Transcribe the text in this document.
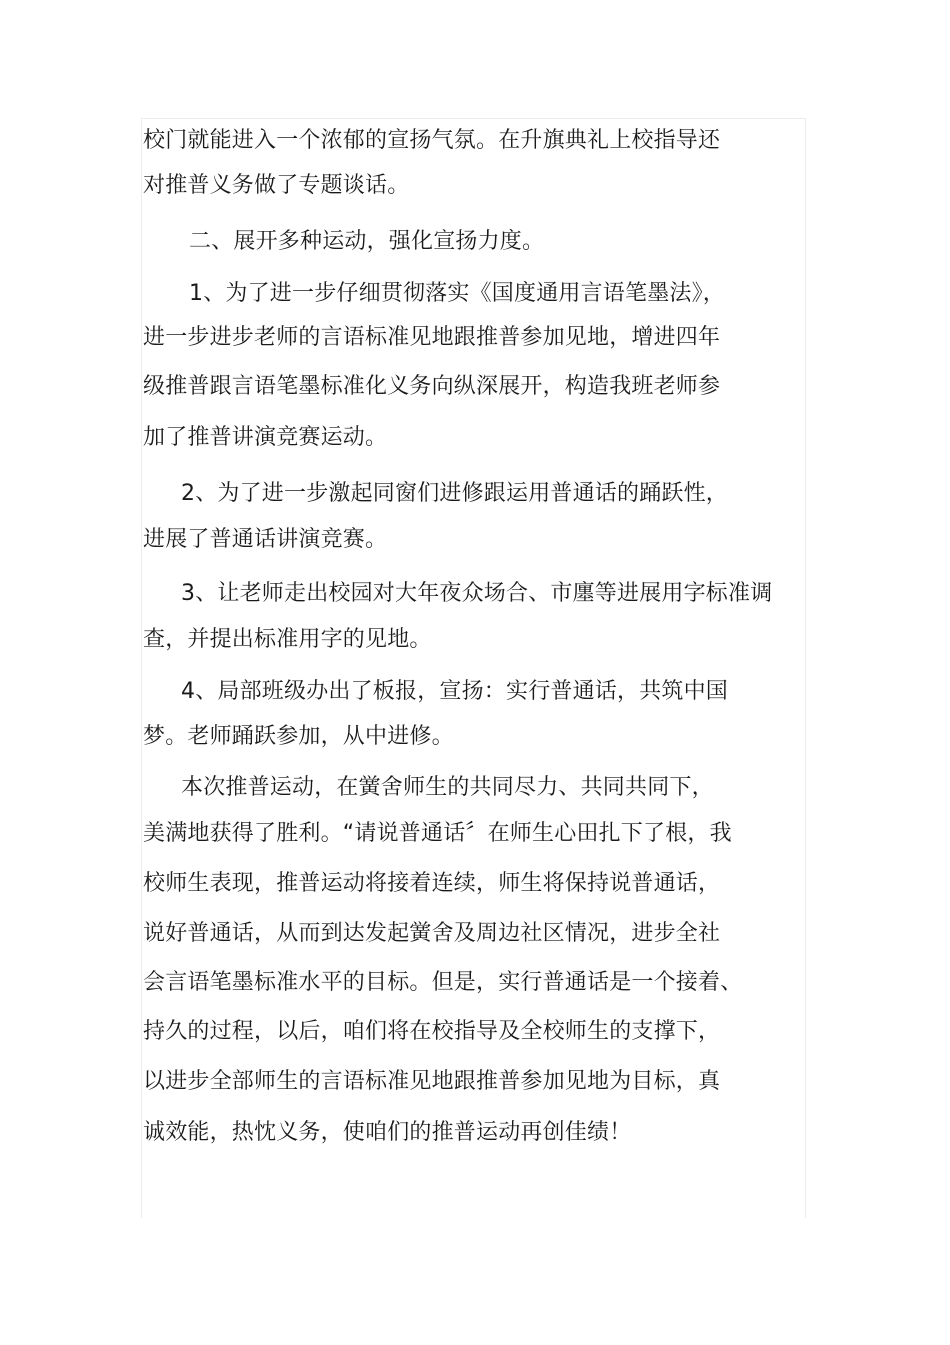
校门就能进入一个浓郁的宣扬气氛。在升旗典礼上校指导还
对推普义务做了专题谈话。
二、展开多种运动，强化宣扬力度。
1、为了进一步仔细贯彻落实《国度通用言语笔墨法》，
进一步进步老师的言语标准见地跟推普参加见地，增进四年
级推普跟言语笔墨标准化义务向纵深展开，构造我班老师参
加了推普讲演竞赛运动。
2、为了进一步激起同窗们进修跟运用普通话的踊跃性，
进展了普通话讲演竞赛。
3、让老师走出校园对大年夜众场合、市廛等进展用字标准调
查，并提出标准用字的见地。
4、局部班级办出了板报，宣扬：实行普通话，共筑中国
梦。老师踊跃参加，从中进修。
本次推普运动，在黉舍师生的共同尽力、共同共同下，
美满地获得了胜利。“请说普通话〞在师生心田扎下了根，我
校师生表现，推普运动将接着连续，师生将保持说普通话，
说好普通话，从而到达发起黉舍及周边社区情况，进步全社
会言语笔墨标准水平的目标。但是，实行普通话是一个接着、
持久的过程，以后，咱们将在校指导及全校师生的支撑下，
以进步全部师生的言语标准见地跟推普参加见地为目标，真
诚效能，热忱义务，使咱们的推普运动再创佳绩！
